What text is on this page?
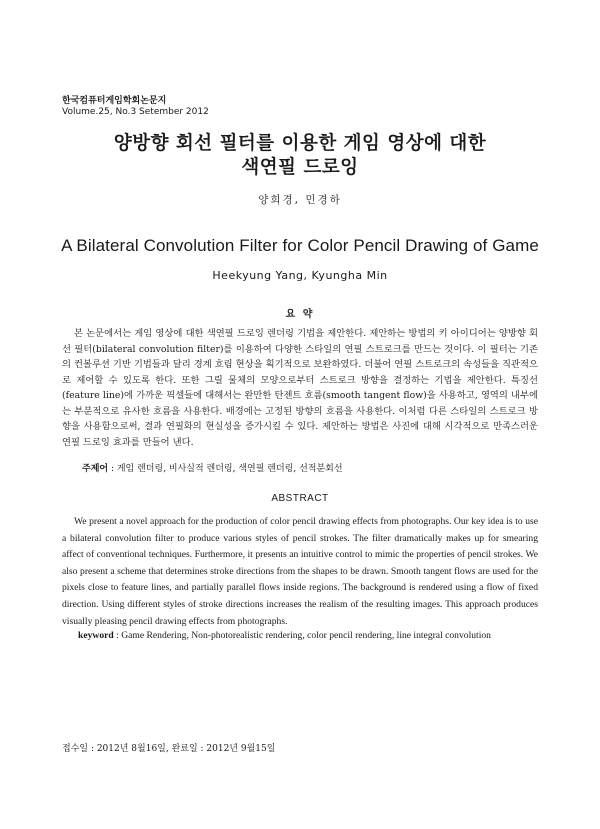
한국컴퓨터게임학회논문지
Volume.25, No.3 Setember 2012
양방향 회선 필터를 이용한 게임 영상에 대한
색연필 드로잉
양희경, 민경하
A Bilateral Convolution Filter for Color Pencil Drawing of Game
Heekyung Yang, Kyungha Min
요 약

본 논문에서는 게임 영상에 대한 색연필 드로잉 렌더링 기법을 제안한다. 제안하는 방법의 키 아이디어는 양방향 회선 필터(bilateral convolution filter)를 이용하여 다양한 스타일의 연필 스트로크를 만드는 것이다. 이 필터는 기존의 컨볼루션 기반 기법들과 달리 경계 흐림 현상을 획기적으로 보완하였다. 더불어 연필 스트로크의 속성들을 직관적으로 제어할 수 있도록 한다. 또한 그릴 물체의 모양으로부터 스트로크 방향을 결정하는 기법을 제안한다. 특징선(feature line)에 가까운 픽셀들에 대해서는 완만한 탄젠트 흐름(smooth tangent flow)을 사용하고, 영역의 내부에는 부분적으로 유사한 흐름을 사용한다. 배경에는 고정된 방향의 흐름을 사용한다. 이처럼 다른 스타일의 스트로크 방향을 사용함으로써, 결과 연필화의 현실성을 증가시킬 수 있다. 제안하는 방법은 사진에 대해 시각적으로 만족스러운 연필 드로잉 효과를 만들어 낸다.

주제어 : 게임 렌더링, 비사실적 렌더링, 색연필 렌더링, 선적분회선
ABSTRACT

We present a novel approach for the production of color pencil drawing effects from photographs. Our key idea is to use a bilateral convolution filter to produce various styles of pencil strokes. The filter dramatically makes up for smearing affect of conventional techniques. Furthermore, it presents an intuitive control to mimic the properties of pencil strokes. We also present a scheme that determines stroke directions from the shapes to be drawn. Smooth tangent flows are used for the pixels close to feature lines, and partially parallel flows inside regions. The background is rendered using a flow of fixed direction. Using different styles of stroke directions increases the realism of the resulting images. This approach produces visually pleasing pencil drawing effects from photographs.

keyword : Game Rendering, Non-photorealistic rendering, color pencil rendering, line integral convolution
접수일 : 2012년 8월16일, 완료일 : 2012년 9월15일
